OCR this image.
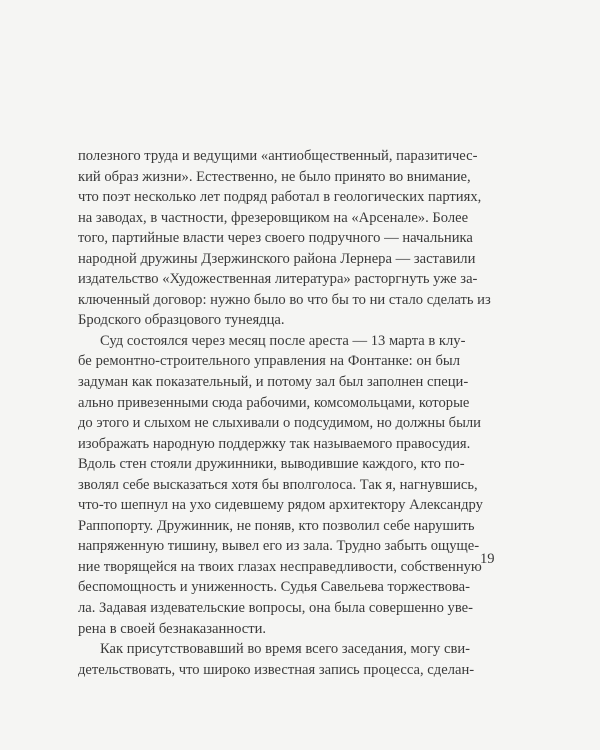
полезного труда и ведущими «антиобщественный, паразитичес-
кий образ жизни». Естественно, не было принято во внимание,
что поэт несколько лет подряд работал в геологических партиях,
на заводах, в частности, фрезеровщиком на «Арсенале». Более
того, партийные власти через своего подручного — начальника
народной дружины Дзержинского района Лернера — заставили
издательство «Художественная литература» расторгнуть уже за-
ключенный договор: нужно было во что бы то ни стало сделать из
Бродского образцового тунеядца.
Суд состоялся через месяц после ареста — 13 марта в клу-
бе ремонтно-строительного управления на Фонтанке: он был
задуман как показательный, и потому зал был заполнен специ-
ально привезенными сюда рабочими, комсомольцами, которые
до этого и слыхом не слыхивали о подсудимом, но должны были
изображать народную поддержку так называемого правосудия.
Вдоль стен стояли дружинники, выводившие каждого, кто по-
зволял себе высказаться хотя бы вполголоса. Так я, нагнувшись,
что-то шепнул на ухо сидевшему рядом архитектору Александру
Раппопорту. Дружинник, не поняв, кто позволил себе нарушить
напряженную тишину, вывел его из зала. Трудно забыть ощуще-
ние творящейся на твоих глазах несправедливости, собственную
беспомощность и униженность. Судья Савельева торжествова-
ла. Задавая издевательские вопросы, она была совершенно уве-
рена в своей безнаказанности.
Как присутствовавший во время всего заседания, могу сви-
детельствовать, что широко известная запись процесса, сделан-
19
